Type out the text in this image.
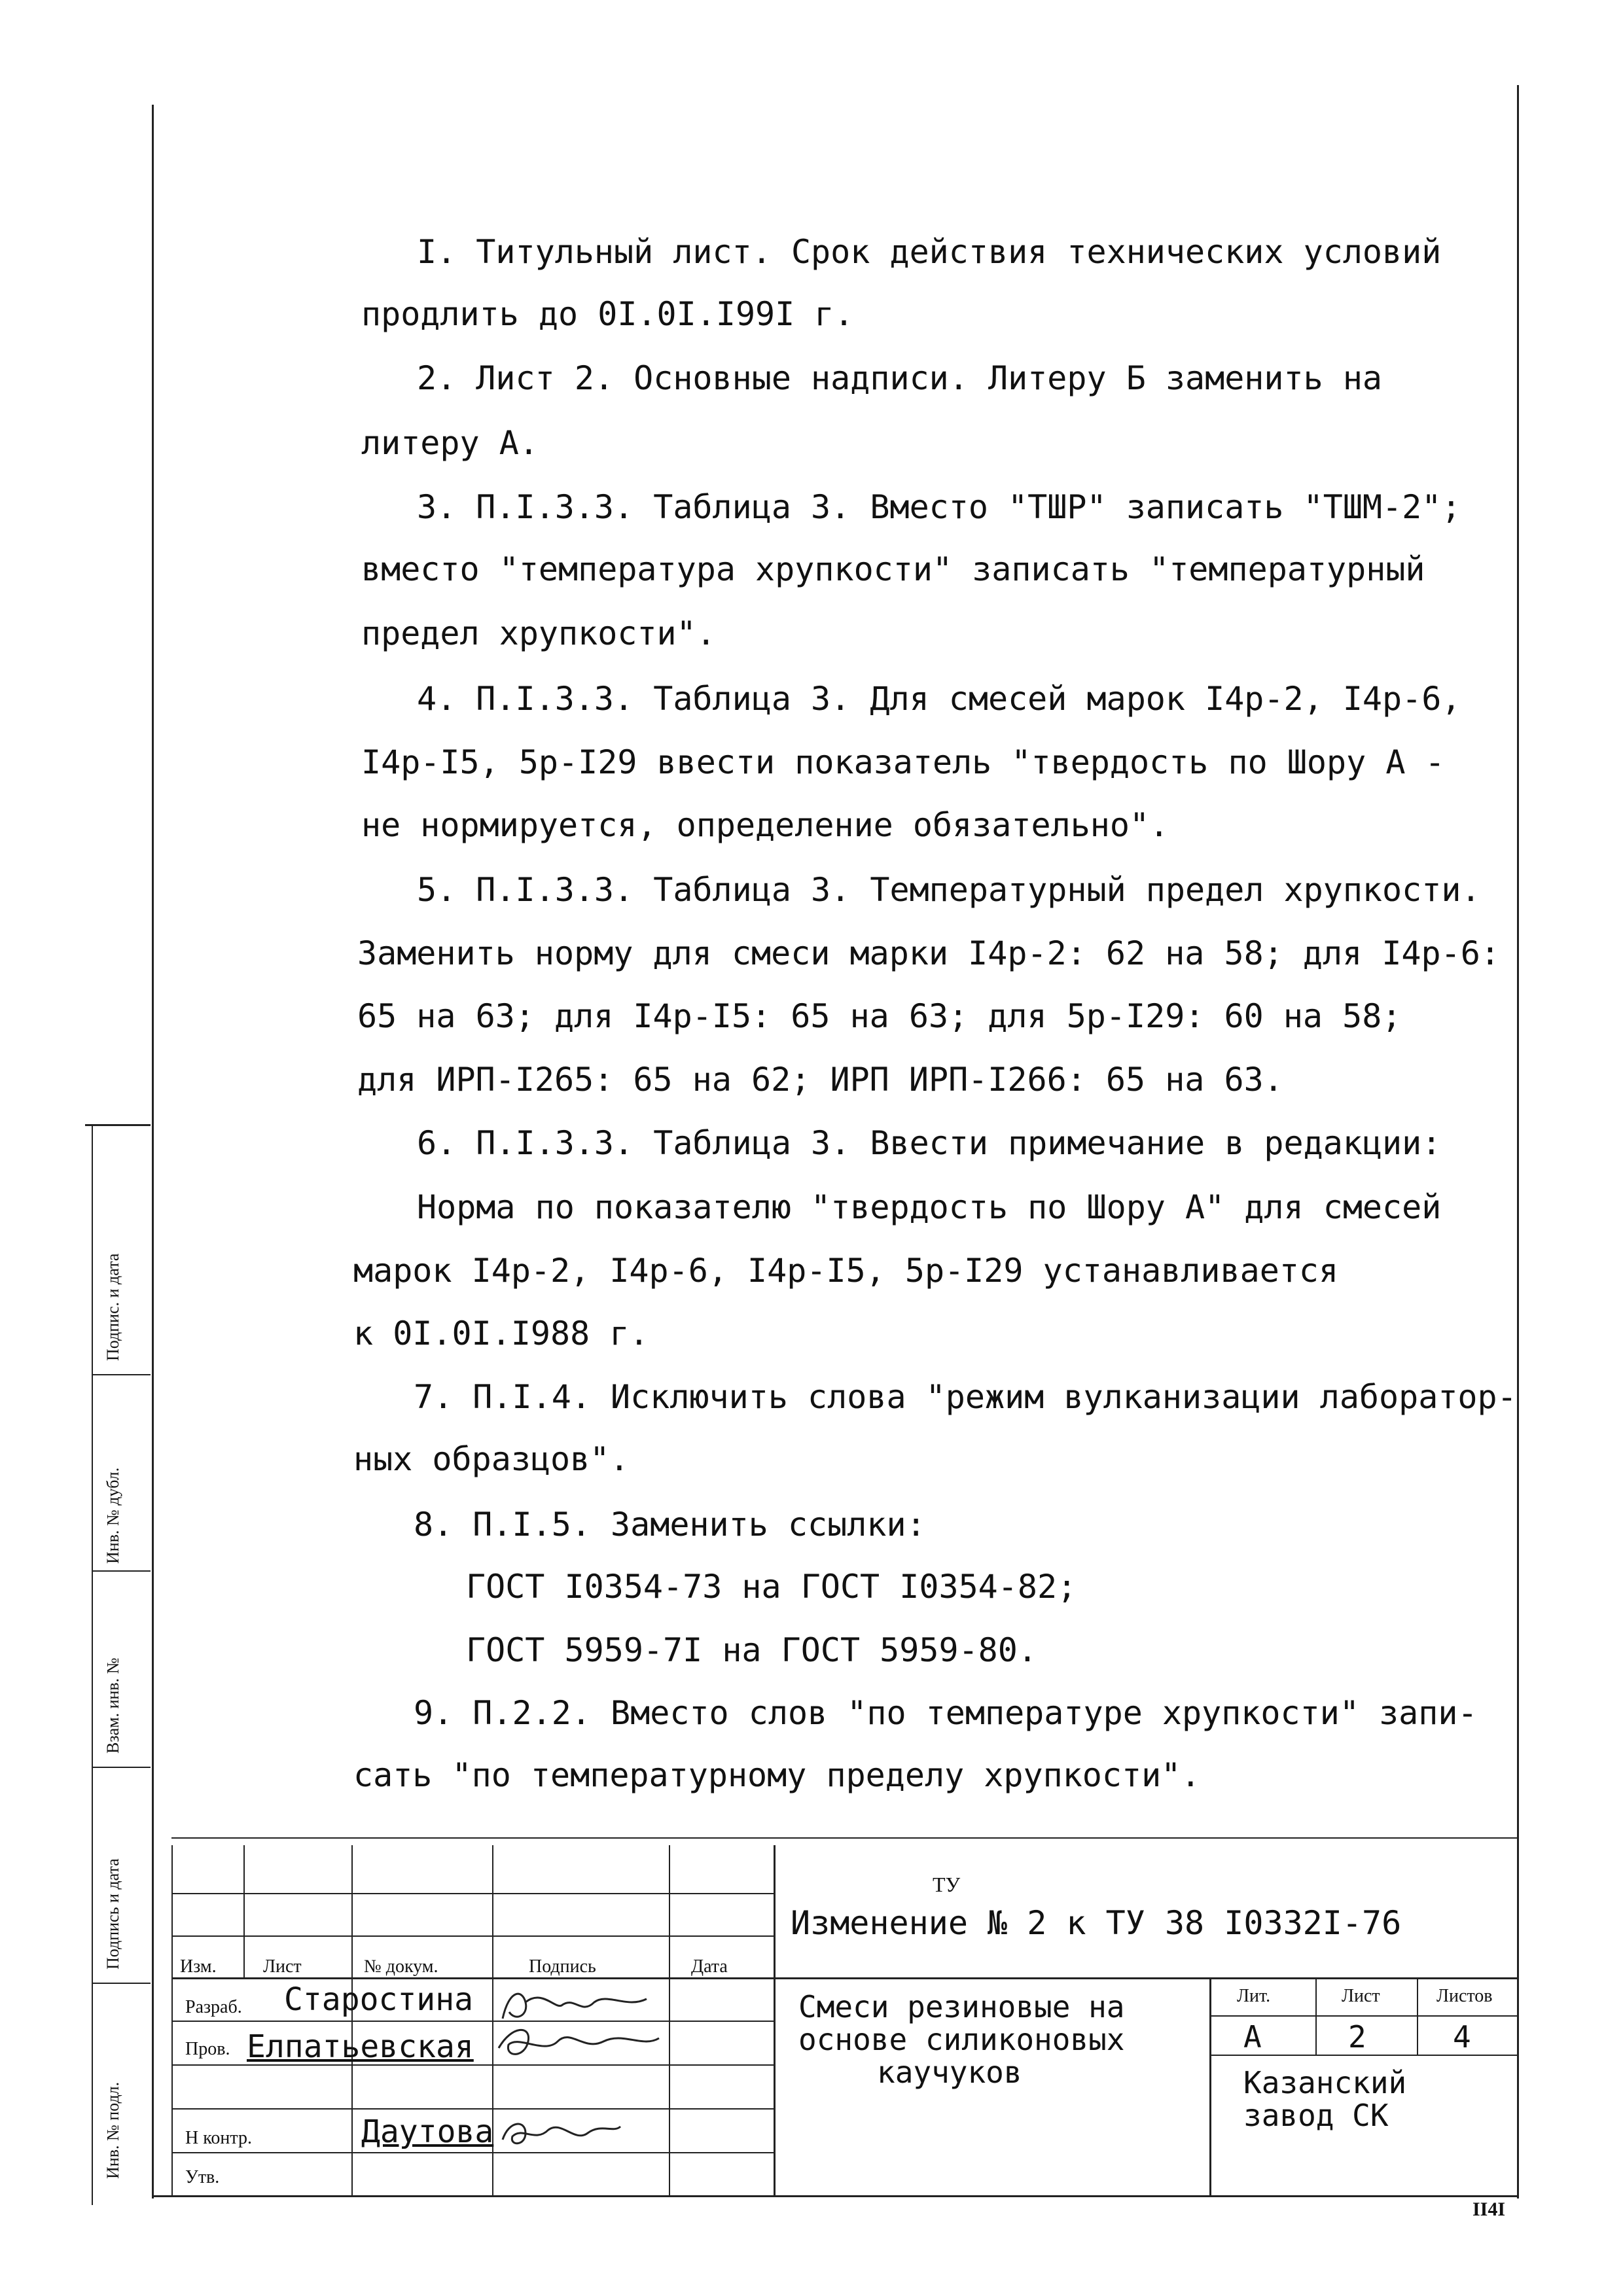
I. Титульный лист. Срок действия технических условий
продлить до 0I.0I.I99I г.
2. Лист 2. Основные надписи. Литеру Б заменить на
литеру А.
3. П.I.3.3. Таблица 3. Вместо "ТШР" записать "ТШМ-2";
вместо "температура хрупкости" записать "температурный
предел хрупкости".
4. П.I.3.3. Таблица 3. Для смесей марок I4р-2, I4р-6,
I4р-I5, 5р-I29 ввести показатель "твердость по Шору А -
не нормируется, определение обязательно".
5. П.I.3.3. Таблица 3. Температурный предел хрупкости.
Заменить норму для смеси марки I4р-2: 62 на 58; для I4р-6:
65 на 63; для I4р-I5: 65 на 63; для 5р-I29: 60 на 58;
для ИРП-I265: 65 на 62; ИРП ИРП-I266: 65 на 63.
6. П.I.3.3. Таблица 3. Ввести примечание в редакции:
Норма по показателю "твердость по Шору А" для смесей
марок I4р-2, I4р-6, I4р-I5, 5р-I29 устанавливается
к 0I.0I.I988 г.
7. П.I.4. Исключить слова "режим вулканизации лаборатор-
ных образцов".
8. П.I.5. Заменить ссылки:
ГОСТ I0354-73 на ГОСТ I0354-82;
ГОСТ 5959-7I на ГОСТ 5959-80.
9. П.2.2. Вместо слов "по температуре хрупкости" запи-
сать "по температурному пределу хрупкости".
Подпис. и дата
Инв. № дубл.
Взам. инв. №
Подпись и дата
Инв. № подл.
Изм.	Лист	№ докум.	Подпись	Дата
ТУ
Изменение № 2 к ТУ 38 I0332I-76
Разраб. Старостина
Пров. Елпатьевская
Н контр.	Даутова
Утв.
Смеси резиновые на
основе силиконовых
каучуков
Лит.	Лист	Листов
А	2	4
Казанский
завод СК
II4I
